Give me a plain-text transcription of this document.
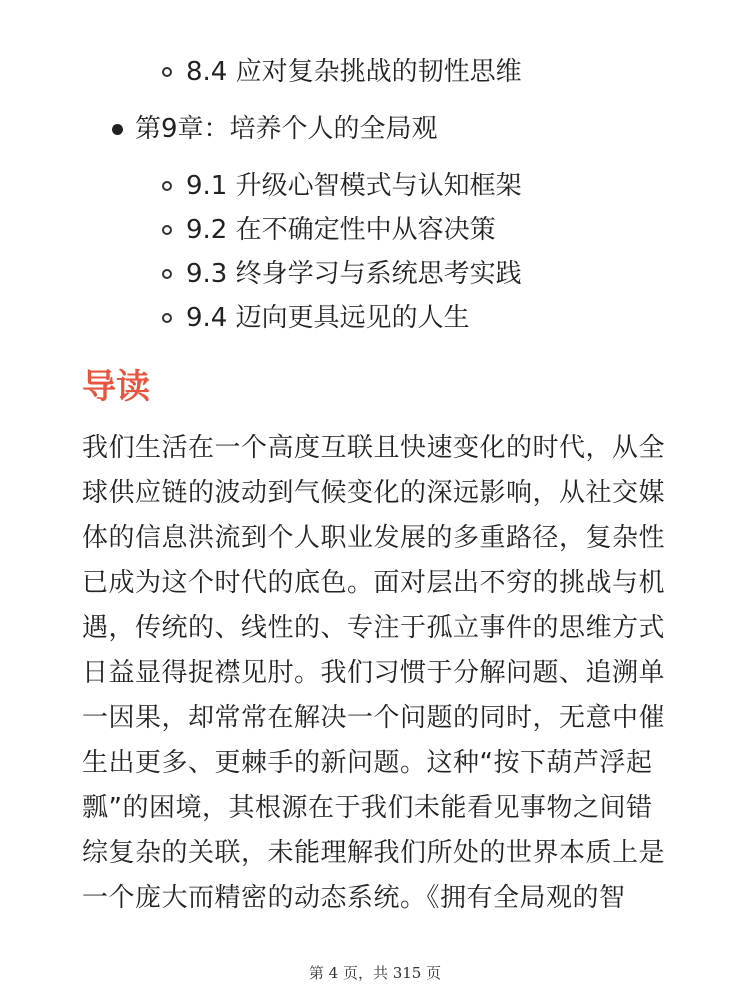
8.4 应对复杂挑战的韧性思维
第9章：培养个人的全局观
9.1 升级心智模式与认知框架
9.2 在不确定性中从容决策
9.3 终身学习与系统思考实践
9.4 迈向更具远见的人生
导读
我们生活在一个高度互联且快速变化的时代，从全
球供应链的波动到气候变化的深远影响，从社交媒
体的信息洪流到个人职业发展的多重路径，复杂性
已成为这个时代的底色。面对层出不穷的挑战与机
遇，传统的、线性的、专注于孤立事件的思维方式
日益显得捉襟见肘。我们习惯于分解问题、追溯单
一因果，却常常在解决一个问题的同时，无意中催
生出更多、更棘手的新问题。这种“按下葫芦浮起
瓢”的困境，其根源在于我们未能看见事物之间错
综复杂的关联，未能理解我们所处的世界本质上是
一个庞大而精密的动态系统。《拥有全局观的智
第 4 页，共 315 页
